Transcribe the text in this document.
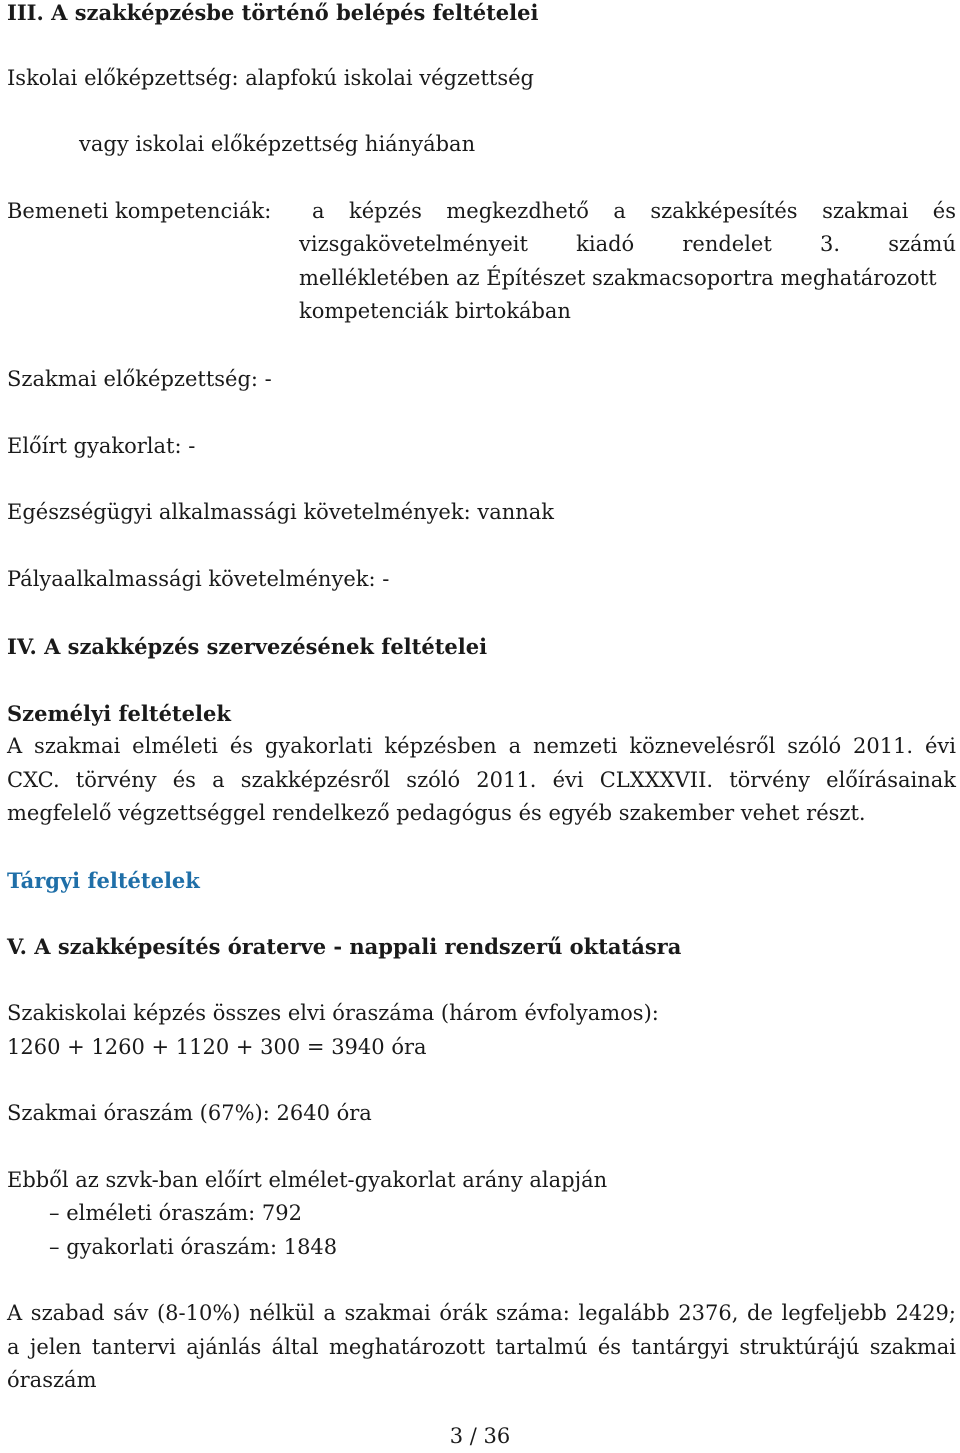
III. A szakképzésbe történő belépés feltételei
Iskolai előképzettség: alapfokú iskolai végzettség
vagy iskolai előképzettség hiányában
Bemeneti kompetenciák: a képzés megkezdhető a szakképesítés szakmai és
vizsgakövetelményeit kiadó rendelet 3. számú
mellékletében az Építészet szakmacsoportra meghatározott
kompetenciák birtokában
Szakmai előképzettség: -
Előírt gyakorlat: -
Egészségügyi alkalmassági követelmények: vannak
Pályaalkalmassági követelmények: -
IV. A szakképzés szervezésének feltételei
Személyi feltételek
A szakmai elméleti és gyakorlati képzésben a nemzeti köznevelésről szóló 2011. évi
CXC. törvény és a szakképzésről szóló 2011. évi CLXXXVII. törvény előírásainak
megfelelő végzettséggel rendelkező pedagógus és egyéb szakember vehet részt.
Tárgyi feltételek
V. A szakképesítés óraterve - nappali rendszerű oktatásra
Szakiskolai képzés összes elvi óraszáma (három évfolyamos):
1260 + 1260 + 1120 + 300 = 3940 óra
Szakmai óraszám (67%): 2640 óra
Ebből az szvk-ban előírt elmélet-gyakorlat arány alapján
– elméleti óraszám: 792
– gyakorlati óraszám: 1848
A szabad sáv (8-10%) nélkül a szakmai órák száma: legalább 2376, de legfeljebb 2429;
a jelen tantervi ajánlás által meghatározott tartalmú és tantárgyi struktúrájú szakmai
óraszám
3 / 36
